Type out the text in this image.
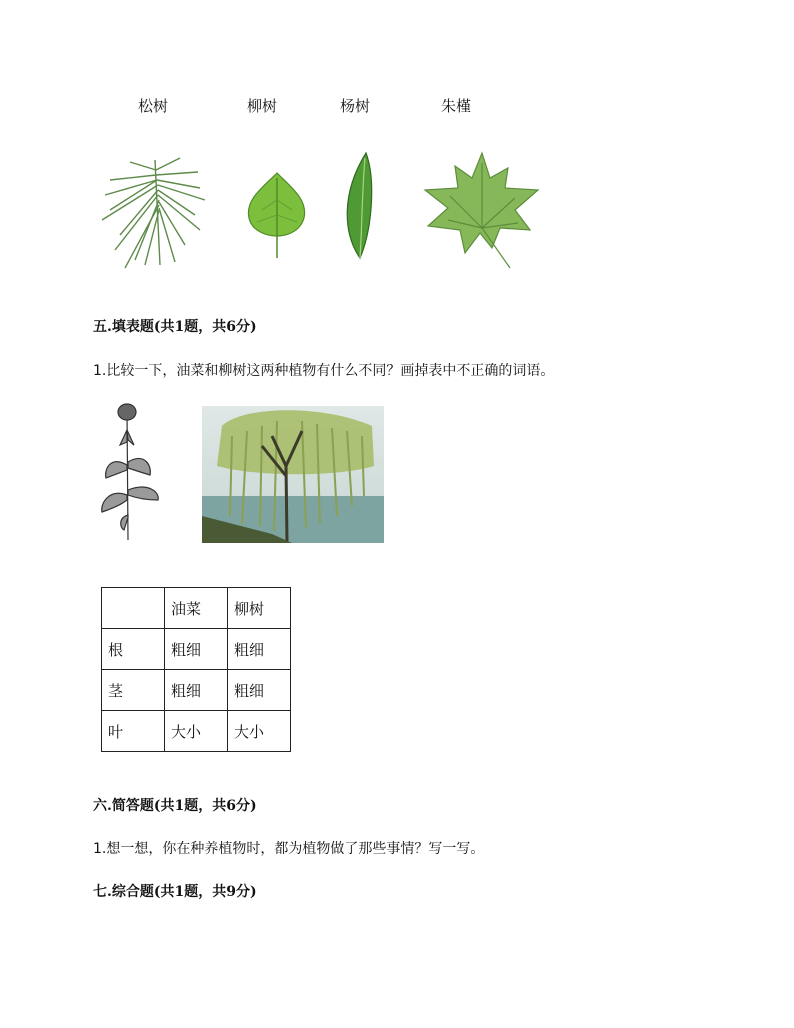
松树	柳树	杨树	朱槿
五.填表题(共1题，共6分)
1.比较一下，油菜和柳树这两种植物有什么不同？画掉表中不正确的词语。
	油菜	柳树
根	粗细	粗细
茎	粗细	粗细
叶	大小	大小
六.简答题(共1题，共6分)
1.想一想，你在种养植物时，都为植物做了那些事情？写一写。
七.综合题(共1题，共9分)
